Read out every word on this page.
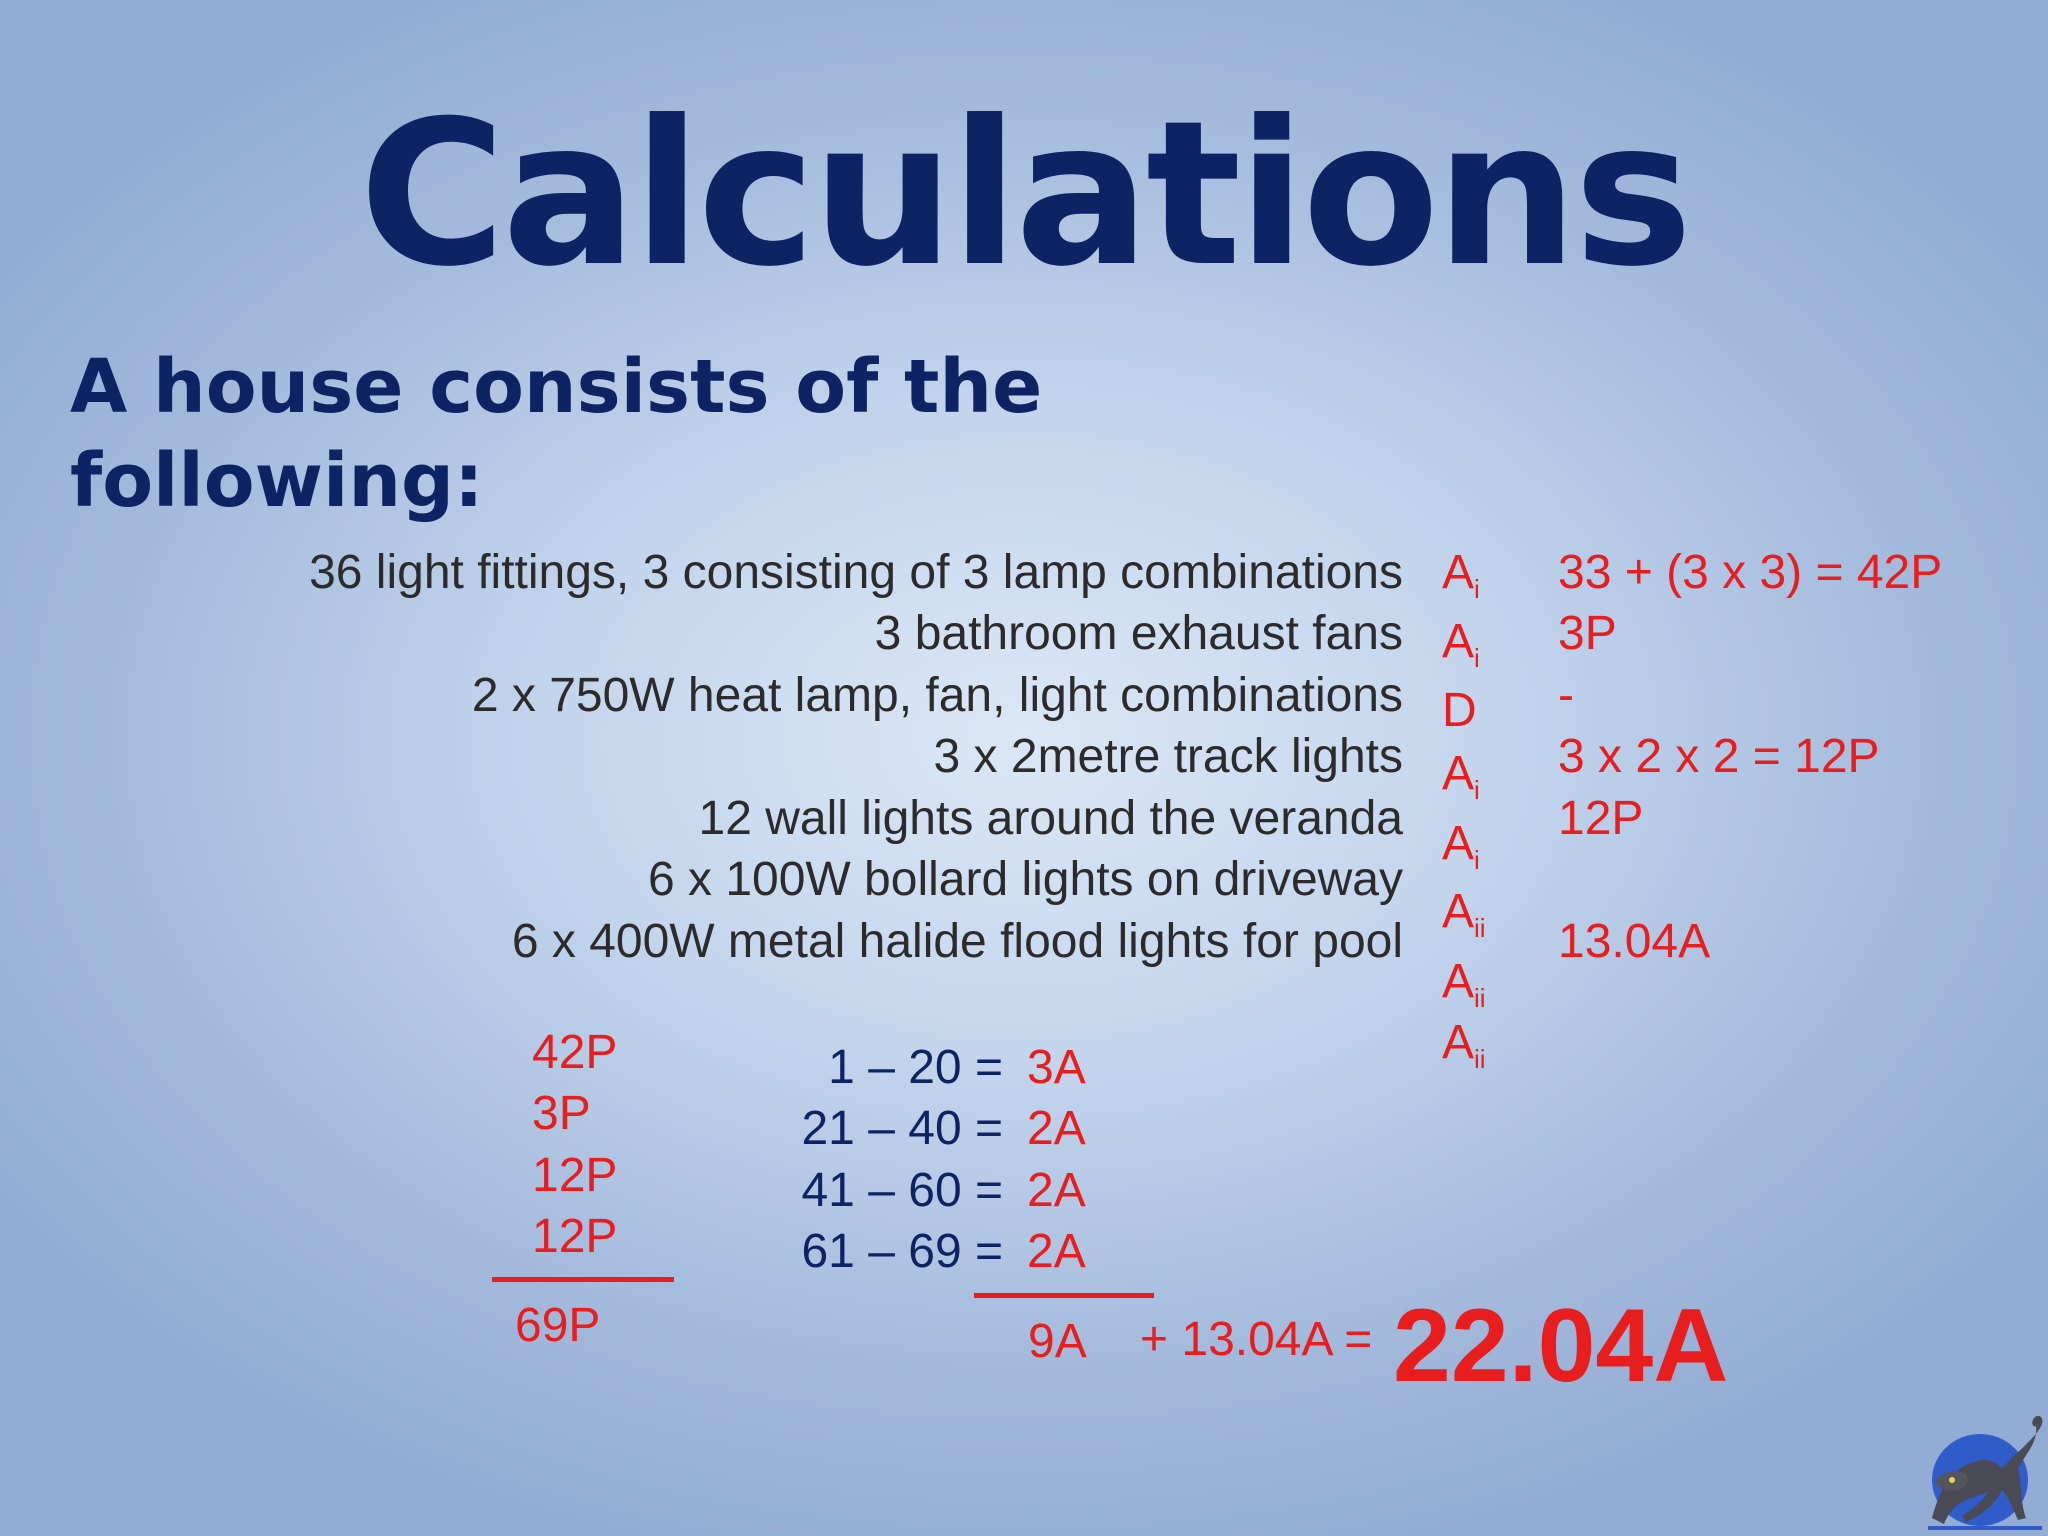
Calculations
A house consists of the following:
36 light fittings, 3 consisting of 3 lamp combinations
3 bathroom exhaust fans
2 x 750W heat lamp, fan, light combinations
3 x 2metre track lights
12 wall lights around the veranda
6 x 100W bollard lights on driveway
6 x 400W metal halide flood lights for pool
$A_i$
$A_i$
D
$A_i$
$A_i$
$A_{ii}$
$A_{ii}$
$A_{ii}$
33 + (3 x 3) = 42P
3P
-
3 x 2 x 2 = 12P
12P
13.04A
42P
3P
12P
12P
69P
1 – 20 =
21 – 40 =
41 – 60 =
61 – 69 =
3A
2A
2A
2A
9A + 13.04A = 22.04A
